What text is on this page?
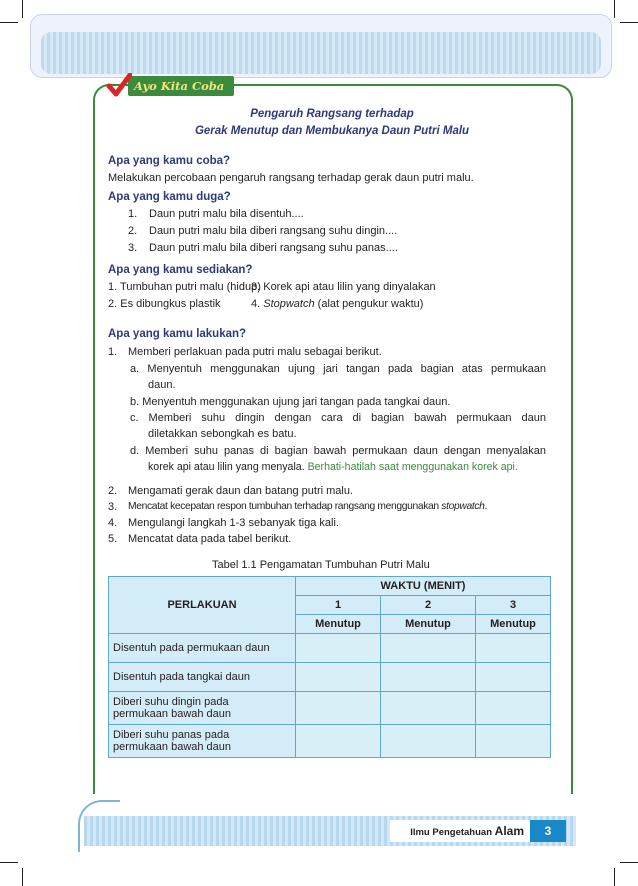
Ayo Kita Coba
Pengaruh Rangsang terhadap
Gerak Menutup dan Membukanya Daun Putri Malu
Apa yang kamu coba?
Melakukan percobaan pengaruh rangsang terhadap gerak daun putri malu.
Apa yang kamu duga?
1. Daun putri malu bila disentuh....
2. Daun putri malu bila diberi rangsang suhu dingin....
3. Daun putri malu bila diberi rangsang suhu panas....
Apa yang kamu sediakan?
1. Tumbuhan putri malu (hidup)
3. Korek api atau lilin yang dinyalakan
2. Es dibungkus plastik	4. Stopwatch (alat pengukur waktu)
Apa yang kamu lakukan?
1. Memberi perlakuan pada putri malu sebagai berikut.
a. Menyentuh menggunakan ujung jari tangan pada bagian atas permukaan
daun.
b. Menyentuh menggunakan ujung jari tangan pada tangkai daun.
c. Memberi suhu dingin dengan cara di bagian bawah permukaan daun
diletakkan sebongkah es batu.
d. Memberi suhu panas di bagian bawah permukaan daun dengan menyalakan
korek api atau lilin yang menyala. Berhati-hatilah saat menggunakan korek api.
2. Mengamati gerak daun dan batang putri malu.
3. Mencatat kecepatan respon tumbuhan terhadap rangsang menggunakan stopwatch.
4. Mengulangi langkah 1-3 sebanyak tiga kali.
5. Mencatat data pada tabel berikut.
Tabel 1.1 Pengamatan Tumbuhan Putri Malu
PERLAKUAN	WAKTU (MENIT)		
	1	2	3
	Menutup	Menutup	Menutup
Disentuh pada permukaan daun			
Disentuh pada tangkai daun			

Diberi suhu dingin pada
permukaan bawah daun			

Diberi suhu panas pada
permukaan bawah daun			

Ilmu Pengetahuan Alam	3
